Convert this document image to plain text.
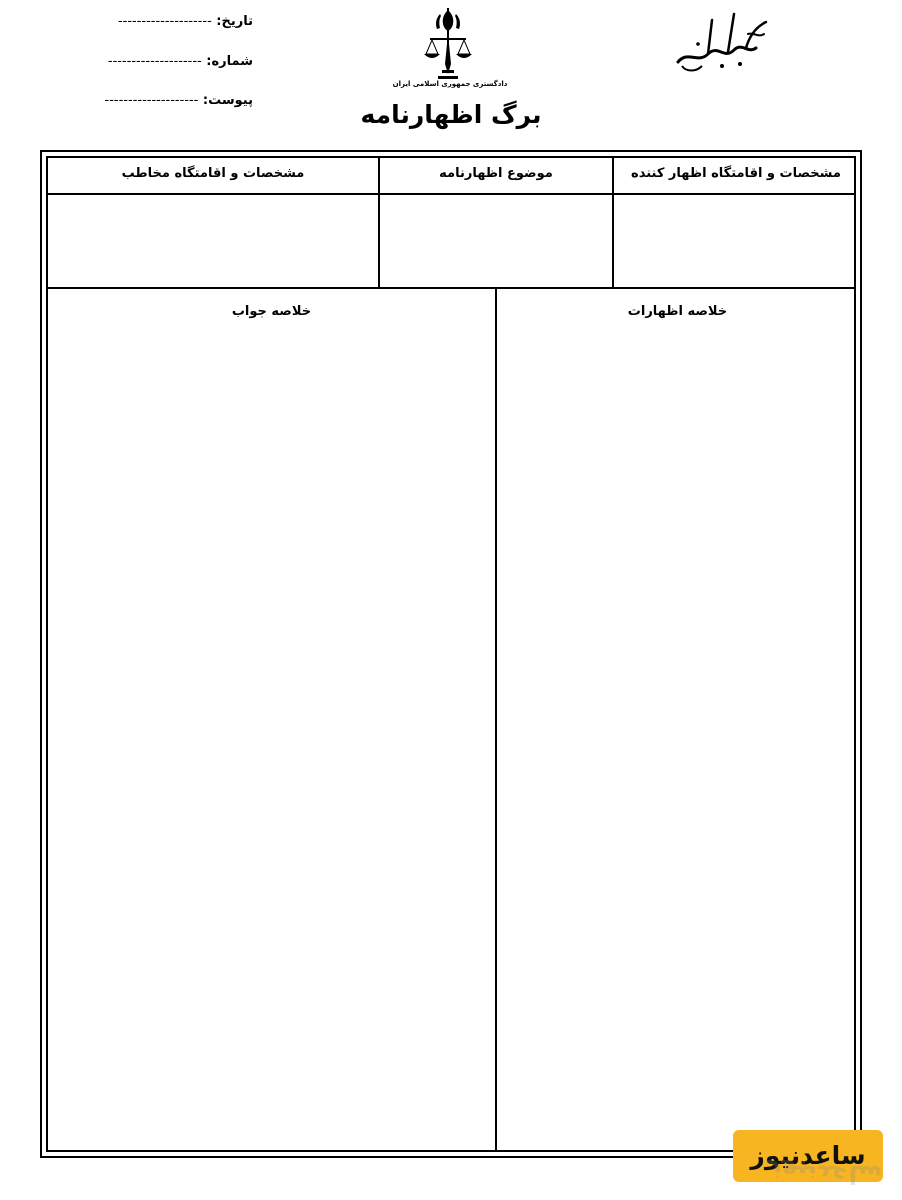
تاریخ: --------------------
شماره: --------------------
پیوست: --------------------
دادگستری جمهوری اسلامی ایران
برگ اظهارنامه
مشخصات و اقامتگاه اظهار کننده
موضوع اظهارنامه
مشخصات و اقامتگاه مخاطب
خلاصه اظهارات
خلاصه جواب
ساعدنیوز
ساعدنیوز
